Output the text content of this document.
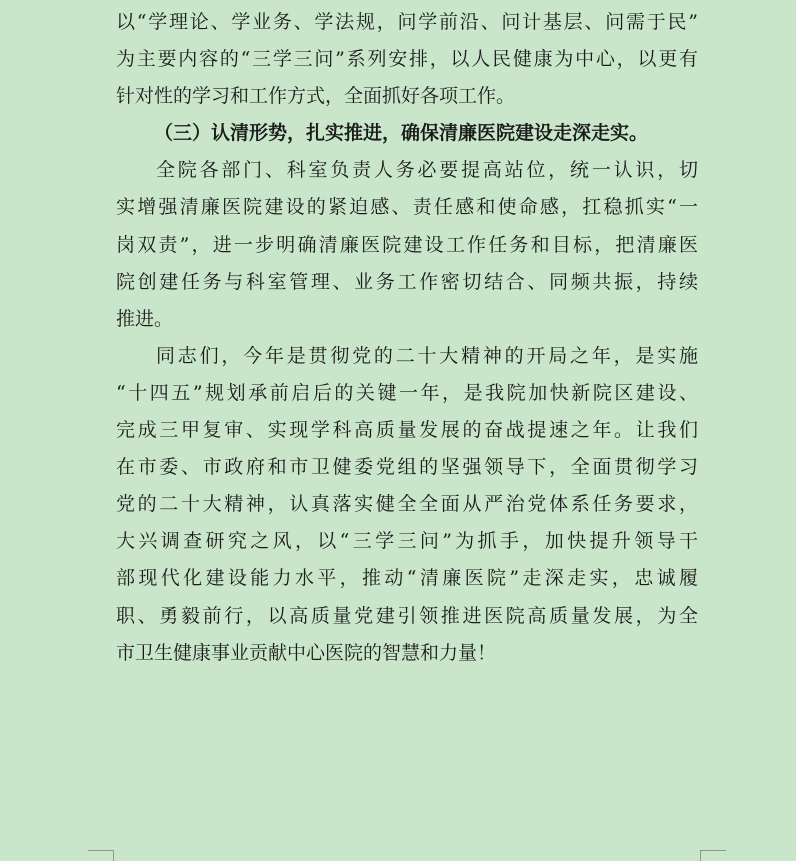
以“学理论、学业务、学法规，问学前沿、问计基层、问需于民”
为主要内容的“三学三问”系列安排，以人民健康为中心，以更有
针对性的学习和工作方式，全面抓好各项工作。
（三）认清形势，扎实推进，确保清廉医院建设走深走实。
全院各部门、科室负责人务必要提高站位，统一认识，切
实增强清廉医院建设的紧迫感、责任感和使命感，扛稳抓实“一
岗双责”，进一步明确清廉医院建设工作任务和目标，把清廉医
院创建任务与科室管理、业务工作密切结合、同频共振，持续
推进。
同志们，今年是贯彻党的二十大精神的开局之年，是实施
“十四五”规划承前启后的关键一年，是我院加快新院区建设、
完成三甲复审、实现学科高质量发展的奋战提速之年。让我们
在市委、市政府和市卫健委党组的坚强领导下，全面贯彻学习
党的二十大精神，认真落实健全全面从严治党体系任务要求，
大兴调查研究之风，以“三学三问”为抓手，加快提升领导干
部现代化建设能力水平，推动“清廉医院”走深走实，忠诚履
职、勇毅前行，以高质量党建引领推进医院高质量发展，为全
市卫生健康事业贡献中心医院的智慧和力量！
